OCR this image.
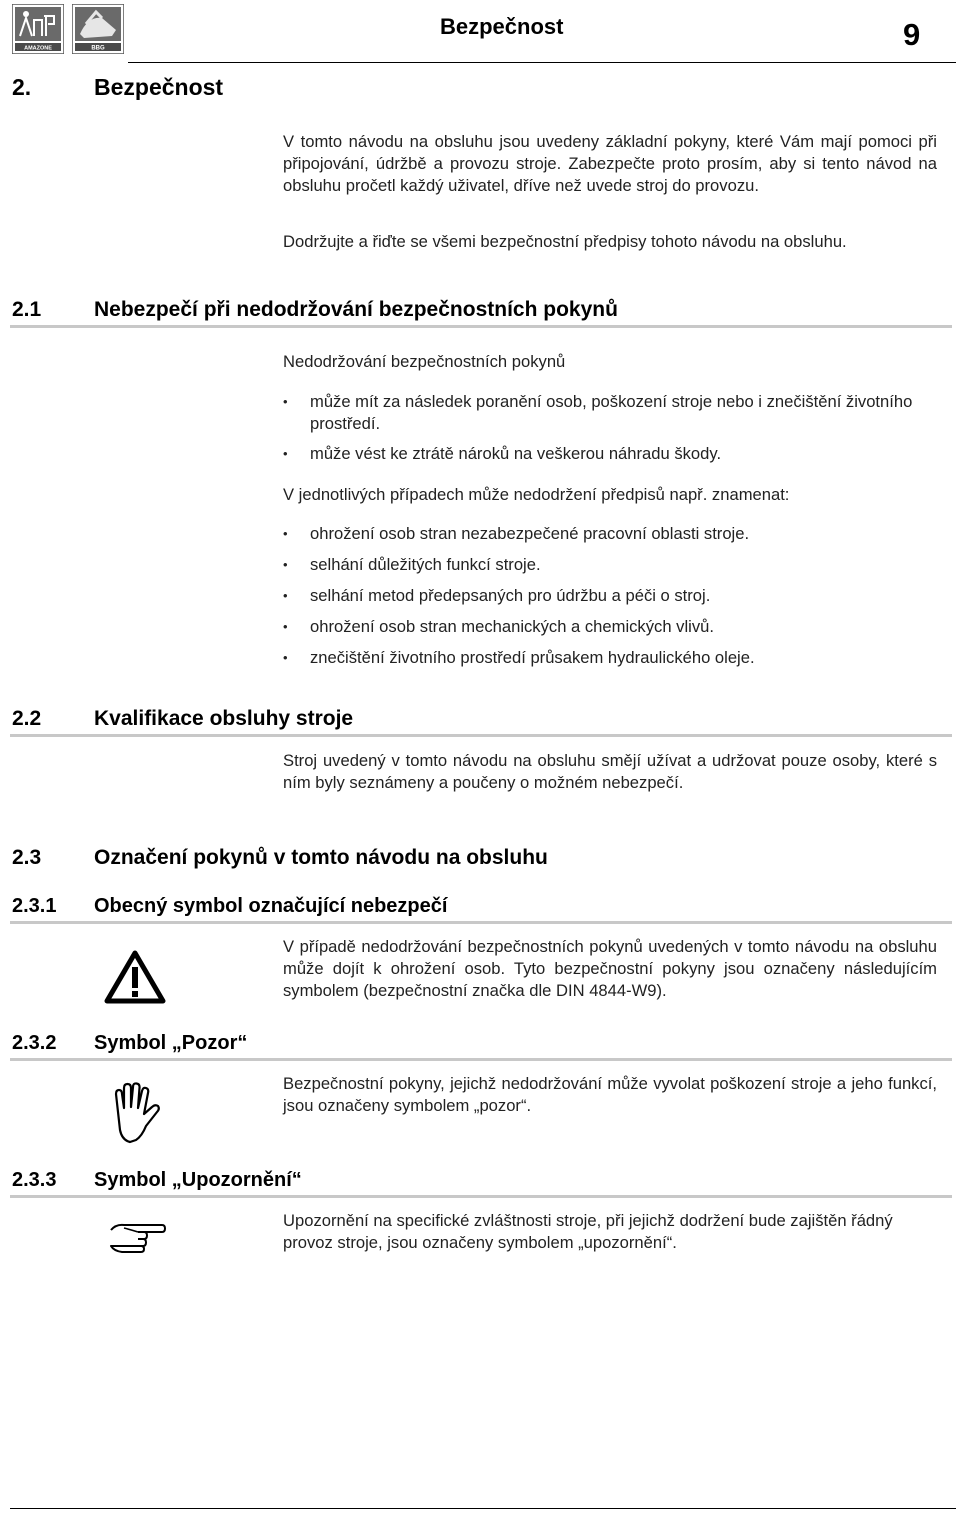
AMAZONE	BBG
Bezpečnost	9
2.	Bezpečnost
V tomto návodu na obsluhu jsou uvedeny základní pokyny, které Vám mají pomoci při připojování, údržbě a provozu stroje. Zabezpečte proto prosím, aby si tento návod na obsluhu pročetl každý uživatel, dříve než uvede stroj do provozu.
Dodržujte a řiďte se všemi bezpečnostní předpisy tohoto návodu na obsluhu.
2.1	Nebezpečí při nedodržování bezpečnostních pokynů
Nedodržování bezpečnostních pokynů
• může mít za následek poranění osob, poškození stroje nebo i znečištění životního prostředí.
• může vést ke ztrátě nároků na veškerou náhradu škody.
V jednotlivých případech může nedodržení předpisů např. znamenat:
• ohrožení osob stran nezabezpečené pracovní oblasti stroje.
• selhání důležitých funkcí stroje.
• selhání metod předepsaných pro údržbu a péči o stroj.
• ohrožení osob stran mechanických a chemických vlivů.
• znečištění životního prostředí průsakem hydraulického oleje.
2.2	Kvalifikace obsluhy stroje
Stroj uvedený v tomto návodu na obsluhu smějí užívat a udržovat pouze osoby, které s ním byly seznámeny a poučeny o možném nebezpečí.
2.3	Označení pokynů v tomto návodu na obsluhu
2.3.1 Obecný symbol označující nebezpečí
V případě nedodržování bezpečnostních pokynů uvedených v tomto návodu na obsluhu může dojít k ohrožení osob. Tyto bezpečnostní pokyny jsou označeny následujícím symbolem (bezpečnostní značka dle DIN 4844-W9).
2.3.2 Symbol „Pozor“
Bezpečnostní pokyny, jejichž nedodržování může vyvolat poškození stroje a jeho funkcí, jsou označeny symbolem „pozor“.
2.3.3 Symbol „Upozornění“
Upozornění na specifické zvláštnosti stroje, při jejichž dodržení bude zajištěn řádný provoz stroje, jsou označeny symbolem „upozornění“.
